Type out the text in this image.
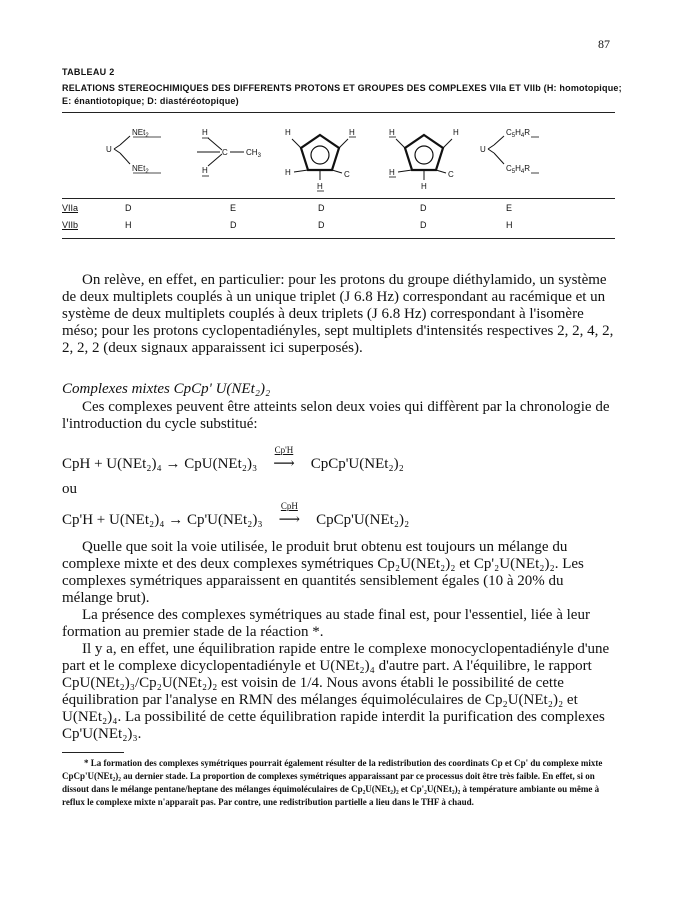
87
TABLEAU 2
RELATIONS STEREOCHIMIQUES DES DIFFERENTS PROTONS ET GROUPES DES COMPLEXES VIIa ET VIIb (H: homotopique; E: énantiotopique; D: diastéréotopique)
U
NEt$_2$
NEt$_2$
H
H
C $CH_3$
H	H
H	C
H
H	H
H	C
H
U
$C_5H_4R$
$C_5H_4R$
VIIa	D	E	D	D	E
VIIb	H	D	D	D	H

On relève, en effet, en particulier: pour les protons du groupe diéthylamido, un système de deux multiplets couplés à un unique triplet (J 6.8 Hz) correspondant au racémique et un système de deux multiplets couplés à deux triplets (J 6.8 Hz) correspondant à l'isomère méso; pour les protons cyclopentadiényles, sept multiplets d'intensités respectives 2, 2, 4, 2, 2, 2, 2 (deux signaux apparaissent ici superposés).

Complexes mixtes CpCp' U(NEt₂)₂

Ces complexes peuvent être atteints selon deux voies qui diffèrent par la chronologie de l'introduction du cycle substitué:

CpH + U(NEt₂)₄ → CpU(NEt₂)₃
Cp'H
⟶ CpCp'U(NEt₂)₂
ou
Cp'H + U(NEt₂)₄ → Cp'U(NEt₂)₃
CpH
⟶ CpCp'U(NEt₂)₂

Quelle que soit la voie utilisée, le produit brut obtenu est toujours un mélange du complexe mixte et des deux complexes symétriques Cp₂U(NEt₂)₂ et Cp'₂U(NEt₂)₂. Les complexes symétriques apparaissent en quantités sensiblement égales (10 à 20% du mélange brut).

La présence des complexes symétriques au stade final est, pour l'essentiel, liée à leur formation au premier stade de la réaction *.

Il y a, en effet, une équilibration rapide entre le complexe monocyclopentadiényle d'une part et le complexe dicyclopentadiényle et U(NEt₂)₄ d'autre part. A l'équilibre, le rapport CpU(NEt₂)₃/Cp₂U(NEt₂)₂ est voisin de 1/4. Nous avons établi le possibilité de cette équilibration par l'analyse en RMN des mélanges équimoléculaires de Cp₂U(NEt₂)₂ et U(NEt₂)₄. La possibilité de cette équilibration rapide interdit la purification des complexes Cp'U(NEt₂)₃.

* La formation des complexes symétriques pourrait également résulter de la redistribution des coordinats Cp et Cp' du complexe mixte CpCp'U(NEt₂)₂ au dernier stade. La proportion de complexes symétriques apparaissant par ce processus doit être très faible. En effet, si on dissout dans le mélange pentane/heptane des mélanges équimoléculaires de Cp₂U(NEt₂)₂ et Cp'₂U(NEt₂)₂ à température ambiante ou même à reflux le complexe mixte n'apparaît pas. Par contre, une redistribution partielle a lieu dans le THF à chaud.
